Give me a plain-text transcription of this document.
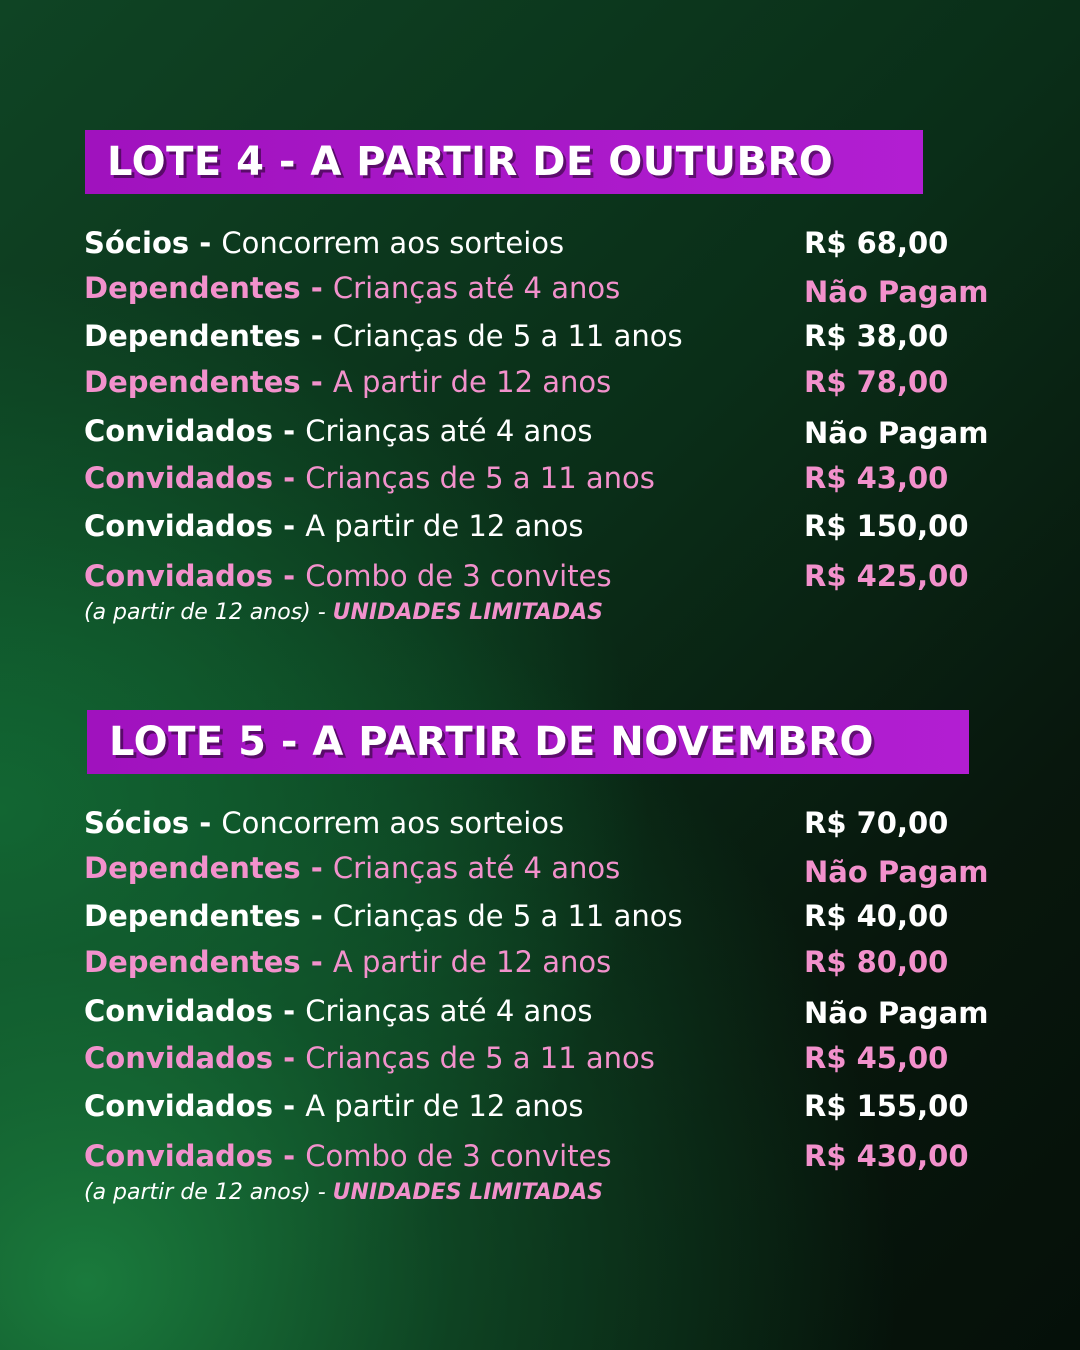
LOTE 4 - A PARTIR DE OUTUBRO
Sócios - Concorrem aos sorteios	R$ 68,00
Dependentes - Crianças até 4 anos	Não Pagam
Dependentes - Crianças de 5 a 11 anos	R$ 38,00
Dependentes - A partir de 12 anos	R$ 78,00
Convidados - Crianças até 4 anos	Não Pagam
Convidados - Crianças de 5 a 11 anos	R$ 43,00
Convidados - A partir de 12 anos	R$ 150,00
Convidados - Combo de 3 convites	R$ 425,00
(a partir de 12 anos) - UNIDADES LIMITADAS
LOTE 5 - A PARTIR DE NOVEMBRO
Sócios - Concorrem aos sorteios	R$ 70,00
Dependentes - Crianças até 4 anos	Não Pagam
Dependentes - Crianças de 5 a 11 anos	R$ 40,00
Dependentes - A partir de 12 anos	R$ 80,00
Convidados - Crianças até 4 anos	Não Pagam
Convidados - Crianças de 5 a 11 anos	R$ 45,00
Convidados - A partir de 12 anos	R$ 155,00
Convidados - Combo de 3 convites	R$ 430,00
(a partir de 12 anos) - UNIDADES LIMITADAS
